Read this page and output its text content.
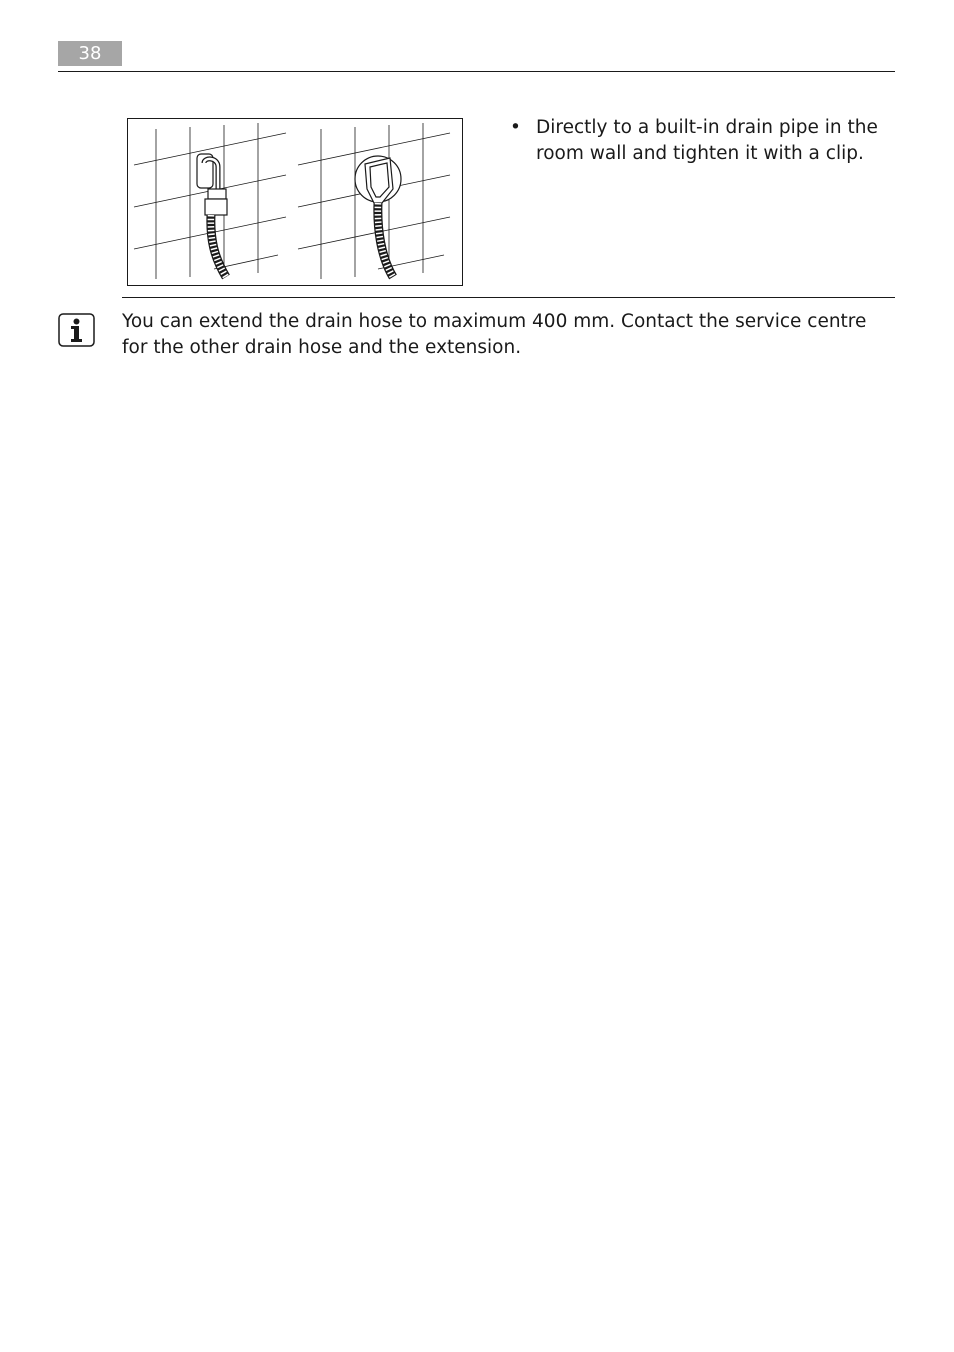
38
• Directly to a built-in drain pipe in the room wall and tighten it with a clip.
You can extend the drain hose to maximum 400 mm. Contact the service centre for the other drain hose and the extension.
